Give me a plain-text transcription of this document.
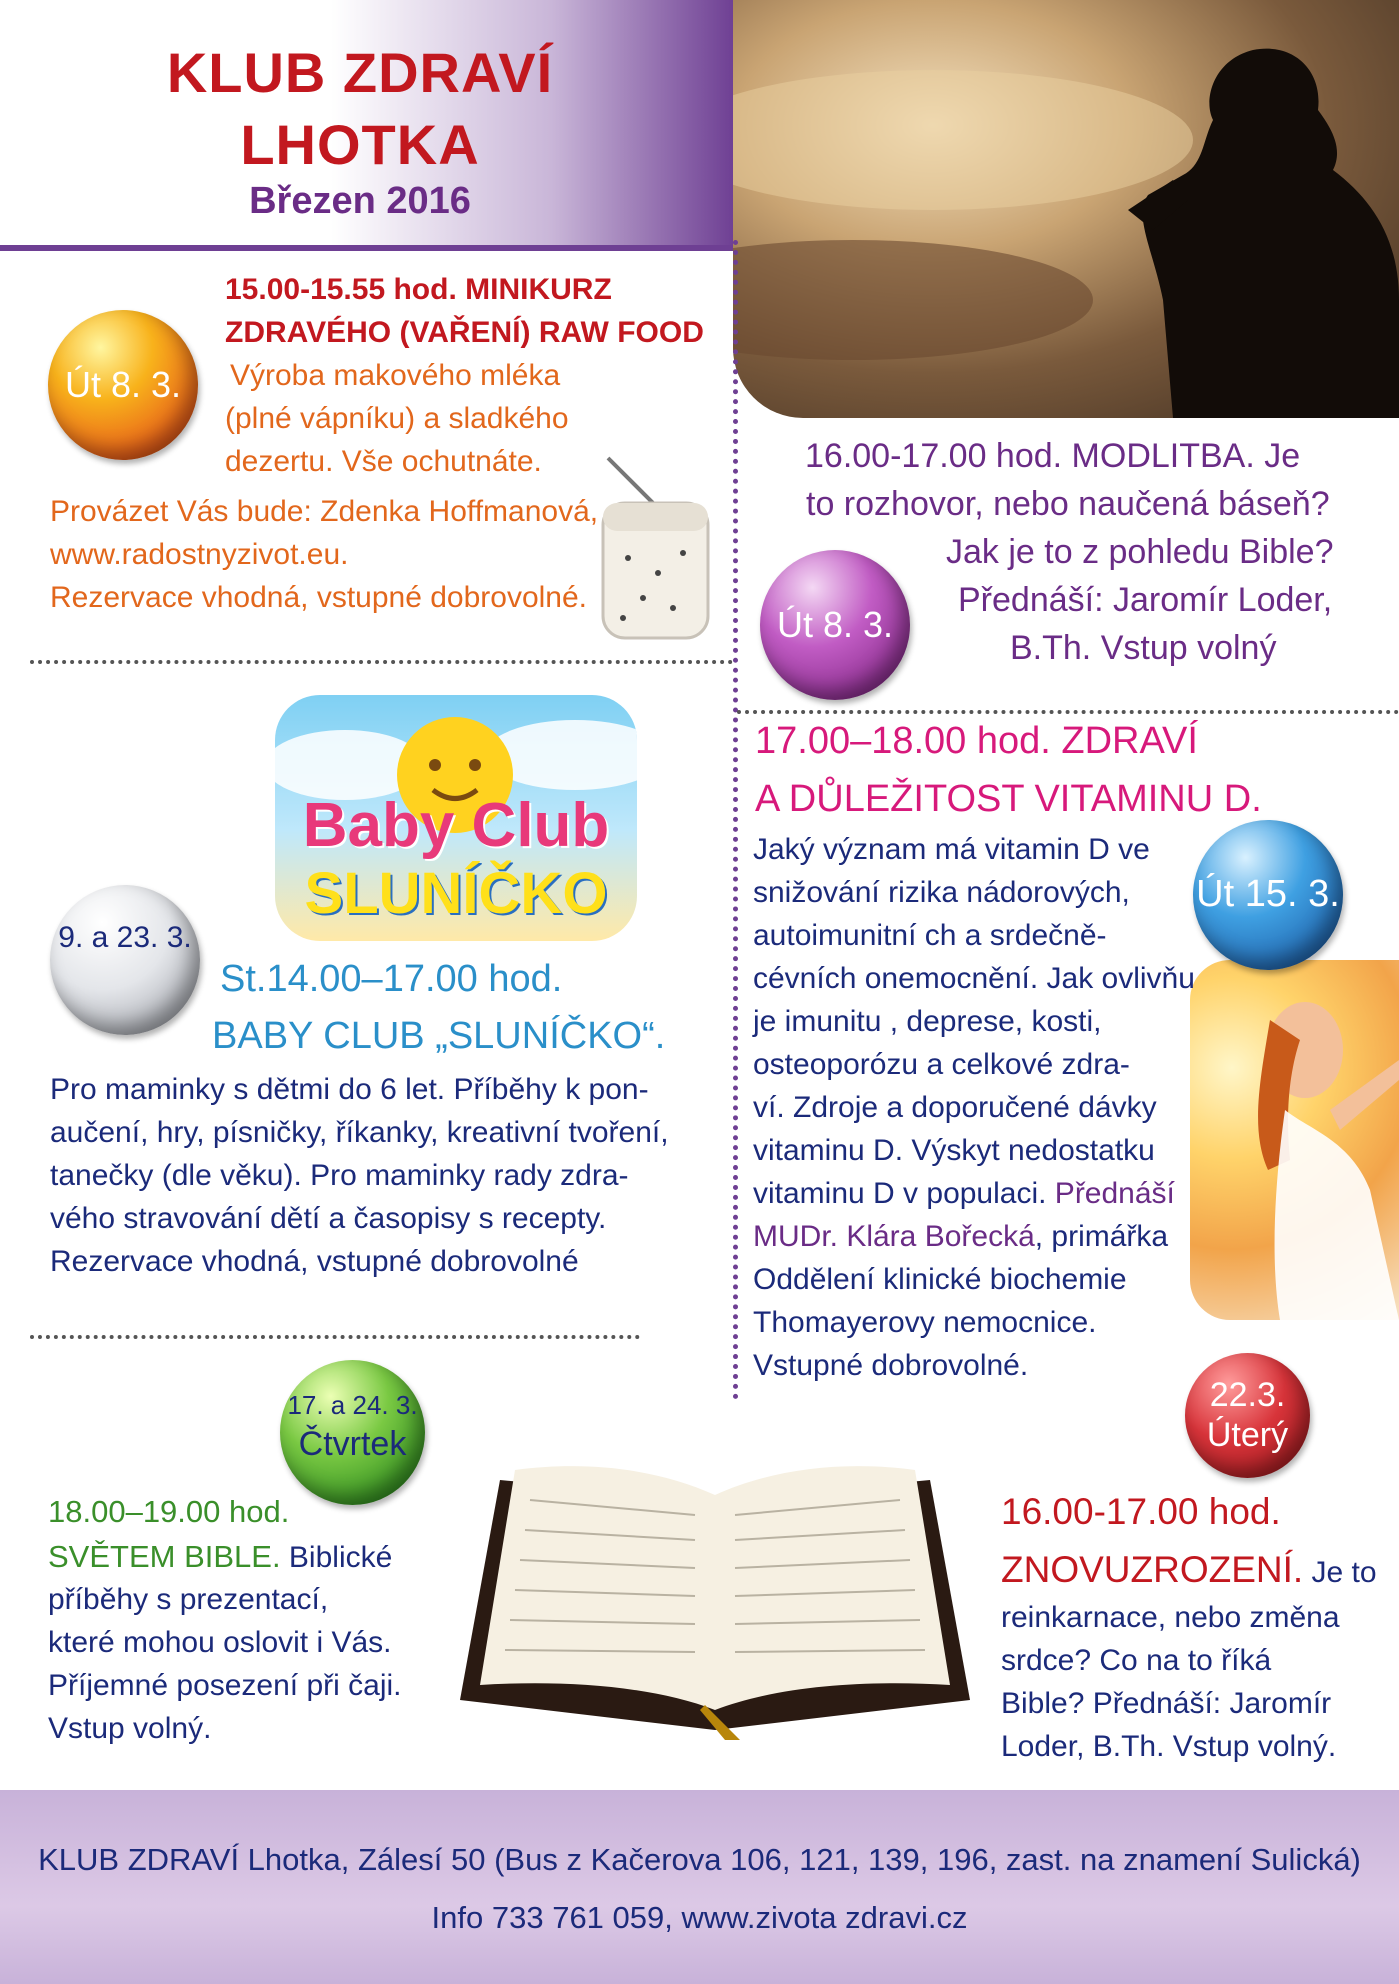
KLUB ZDRAVÍ
LHOTKA
Březen 2016
Út 8. 3.
15.00-15.55 hod. MINIKURZ
ZDRAVÉHO (VAŘENÍ) RAW FOOD
Výroba makového mléka
(plné vápníku) a sladkého
dezertu. Vše ochutnáte.
Provázet Vás bude: Zdenka Hoffmanová,
www.radostnyzivot.eu.
Rezervace vhodná, vstupné dobrovolné.
16.00-17.00 hod. MODLITBA. Je
to rozhovor, nebo naučená báseň?
Jak je to z pohledu Bible?
Přednáší: Jaromír Loder,
B.Th. Vstup volný
Út 8. 3.
Baby Club
SLUNÍČKO
9. a 23. 3.
St.14.00–17.00 hod.
BABY CLUB „SLUNÍČKO“.
Pro maminky s dětmi do 6 let. Příběhy k pon-
aučení, hry, písničky, říkanky, kreativní tvoření,
tanečky (dle věku). Pro maminky rady zdra-
vého stravování dětí a časopisy s recepty.
Rezervace vhodná, vstupné dobrovolné
17.00–18.00 hod. ZDRAVÍ
A DŮLEŽITOST VITAMINU D.
Út 15. 3.
Jaký význam má vitamin D ve
snižování rizika nádorových,
autoimunitní ch a srdečně-
cévních onemocnění. Jak ovlivňu
je imunitu , deprese, kosti,
osteoporózu a celkové zdra-
ví. Zdroje a doporučené dávky
vitaminu D. Výskyt nedostatku
vitaminu D v populaci. Přednáší
MUDr. Klára Bořecká, primářka
Oddělení klinické biochemie
Thomayerovy nemocnice.
Vstupné dobrovolné.
17. a 24. 3.
Čtvrtek
18.00–19.00 hod.
SVĚTEM BIBLE. Biblické
příběhy s prezentací,
které mohou oslovit i Vás.
Příjemné posezení při čaji.
Vstup volný.
22.3.
Úterý
16.00-17.00 hod.
ZNOVUZROZENÍ. Je to
reinkarnace, nebo změna
srdce? Co na to říká
Bible? Přednáší: Jaromír
Loder, B.Th. Vstup volný.
KLUB ZDRAVÍ Lhotka, Zálesí 50 (Bus z Kačerova 106, 121, 139, 196, zast. na znamení Sulická)
Info 733 761 059, www.zivota zdravi.cz
